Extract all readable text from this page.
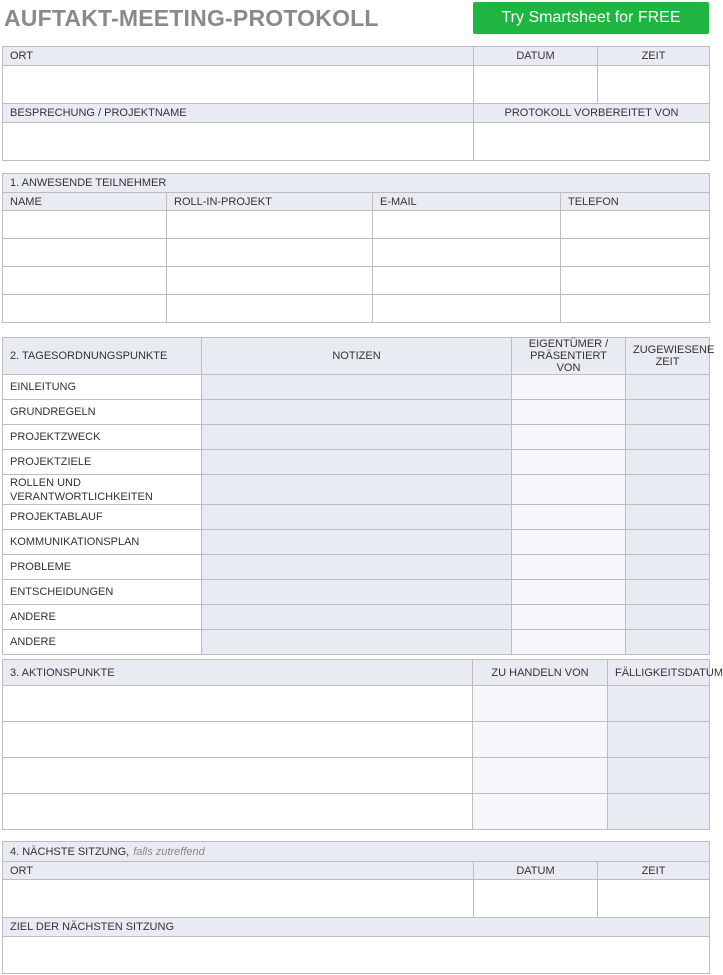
AUFTAKT-MEETING-PROTOKOLL	Try Smartsheet for FREE
ORT	DATUM	ZEIT

BESPRECHUNG / PROJEKTNAME	PROTOKOLL VORBEREITET VON	

1. ANWESENDE TEILNEHMER			
NAME	ROLL-IN-PROJEKT	E-MAIL	TELEFON

2. TAGESORDNUNGSPUNKTE	NOTIZEN	EIGENTÜMER / PRÄSENTIERT VON	ZUGEWIESENE ZEIT
EINLEITUNG			
GRUNDREGELN			
PROJEKTZWECK			
PROJEKTZIELE			
ROLLEN UND VERANTWORTLICHKEITEN			
PROJEKTABLAUF			
KOMMUNIKATIONSPLAN			
PROBLEME			
ENTSCHEIDUNGEN			
ANDERE			
ANDERE			
3. AKTIONSPUNKTE	ZU HANDELN VON	FÄLLIGKEITSDATUM

4. NÄCHSTE SITZUNG, falls zutreffend		
ORT	DATUM	ZEIT

ZIEL DER NÄCHSTEN SITZUNG		
